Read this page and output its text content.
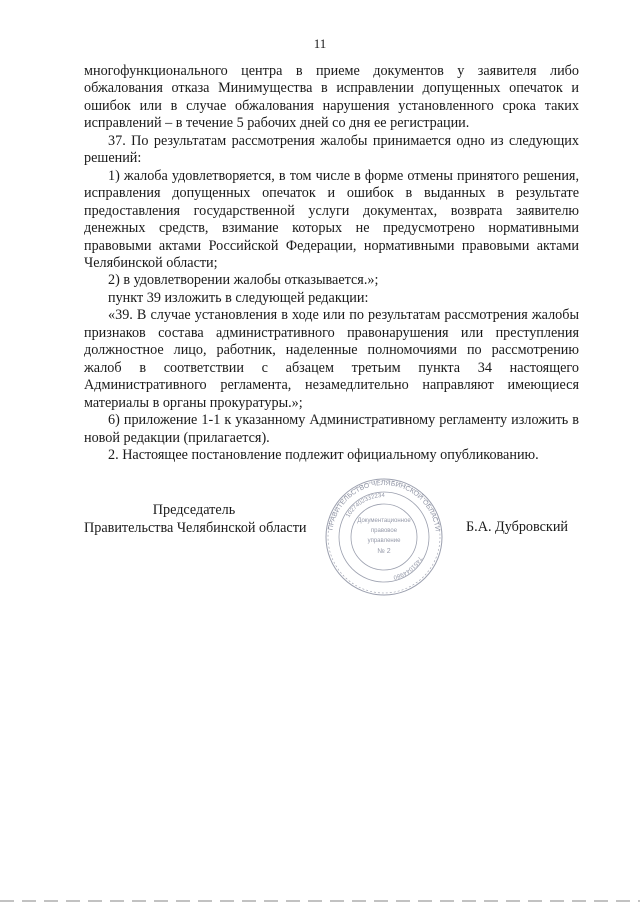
11

многофункционального центра в приеме документов у заявителя либо обжалования отказа Минимущества в исправлении допущенных опечаток и ошибок или в случае обжалования нарушения установленного срока таких исправлений – в течение 5 рабочих дней со дня ее регистрации.

37. По результатам рассмотрения жалобы принимается одно из следующих решений:

1) жалоба удовлетворяется, в том числе в форме отмены принятого решения, исправления допущенных опечаток и ошибок в выданных в результате предоставления государственной услуги документах, возврата заявителю денежных средств, взимание которых не предусмотрено нормативными правовыми актами Российской Федерации, нормативными правовыми актами Челябинской области;

2) в удовлетворении жалобы отказывается.»;

пункт 39 изложить в следующей редакции:

«39. В случае установления в ходе или по результатам рассмотрения жалобы признаков состава административного правонарушения или преступления должностное лицо, работник, наделенные полномочиями по рассмотрению жалоб в соответствии с абзацем третьим пункта 34 настоящего Административного регламента, незамедлительно направляют имеющиеся материалы в органы прокуратуры.»;

6) приложение 1-1 к указанному Административному регламенту изложить в новой редакции (прилагается).

2. Настоящее постановление подлежит официальному опубликованию.

Председатель
Правительства Челябинской области	ПРАВИТЕЛЬСТВО ЧЕЛЯБИНСКОЙ ОБЛАСТИ
1027402332234
7451044980
Документационное
правовое
управление
№ 2
Б.А. Дубровский
